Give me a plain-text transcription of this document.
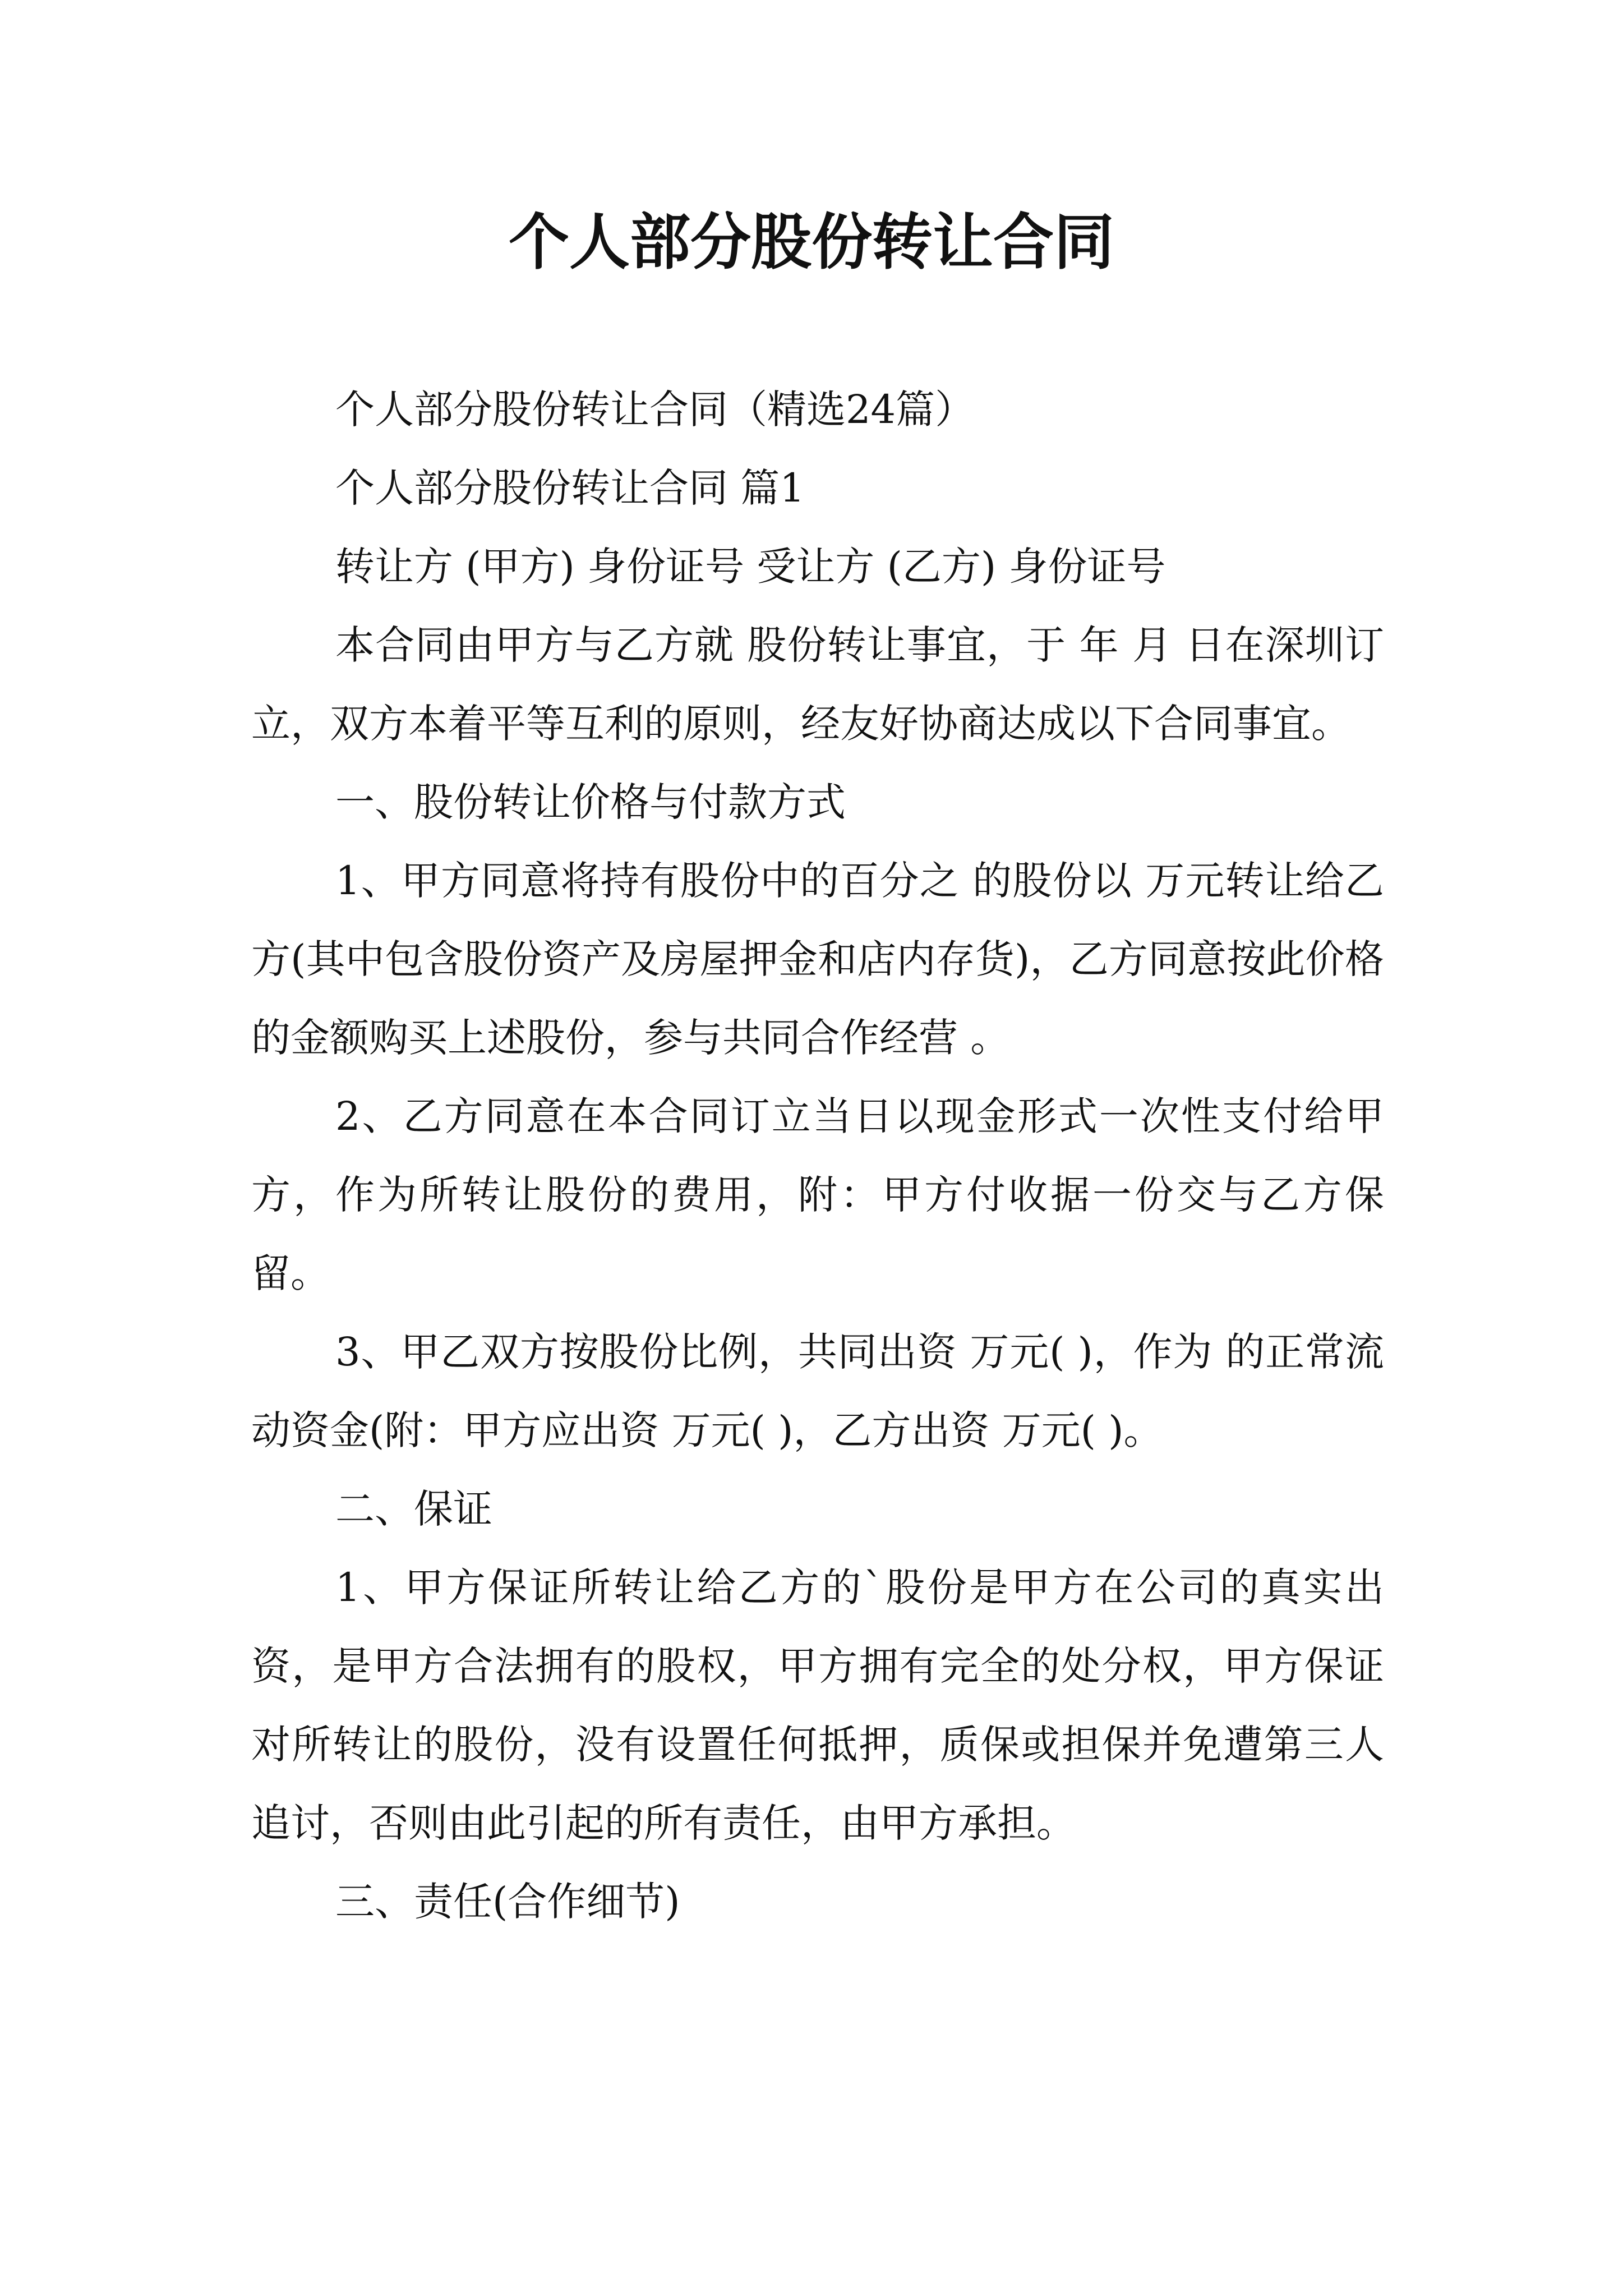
个人部分股份转让合同

个人部分股份转让合同（精选24篇）

个人部分股份转让合同 篇1

转让方 (甲方) 身份证号 受让方 (乙方) 身份证号

本合同由甲方与乙方就 股份转让事宜，于 年 月 日在深圳订立，双方本着平等互利的原则，经友好协商达成以下合同事宜。

一、股份转让价格与付款方式

1、甲方同意将持有股份中的百分之 的股份以 万元转让给乙方(其中包含股份资产及房屋押金和店内存货)，乙方同意按此价格的金额购买上述股份，参与共同合作经营 。

2、乙方同意在本合同订立当日以现金形式一次性支付给甲方，作为所转让股份的费用，附：甲方付收据一份交与乙方保留。

3、甲乙双方按股份比例，共同出资 万元( )，作为 的正常流动资金(附：甲方应出资 万元( )，乙方出资 万元( )。

二、保证

1、甲方保证所转让给乙方的`股份是甲方在公司的真实出资，是甲方合法拥有的股权，甲方拥有完全的处分权，甲方保证对所转让的股份，没有设置任何抵押，质保或担保并免遭第三人追讨，否则由此引起的所有责任，由甲方承担。

三、责任(合作细节)
